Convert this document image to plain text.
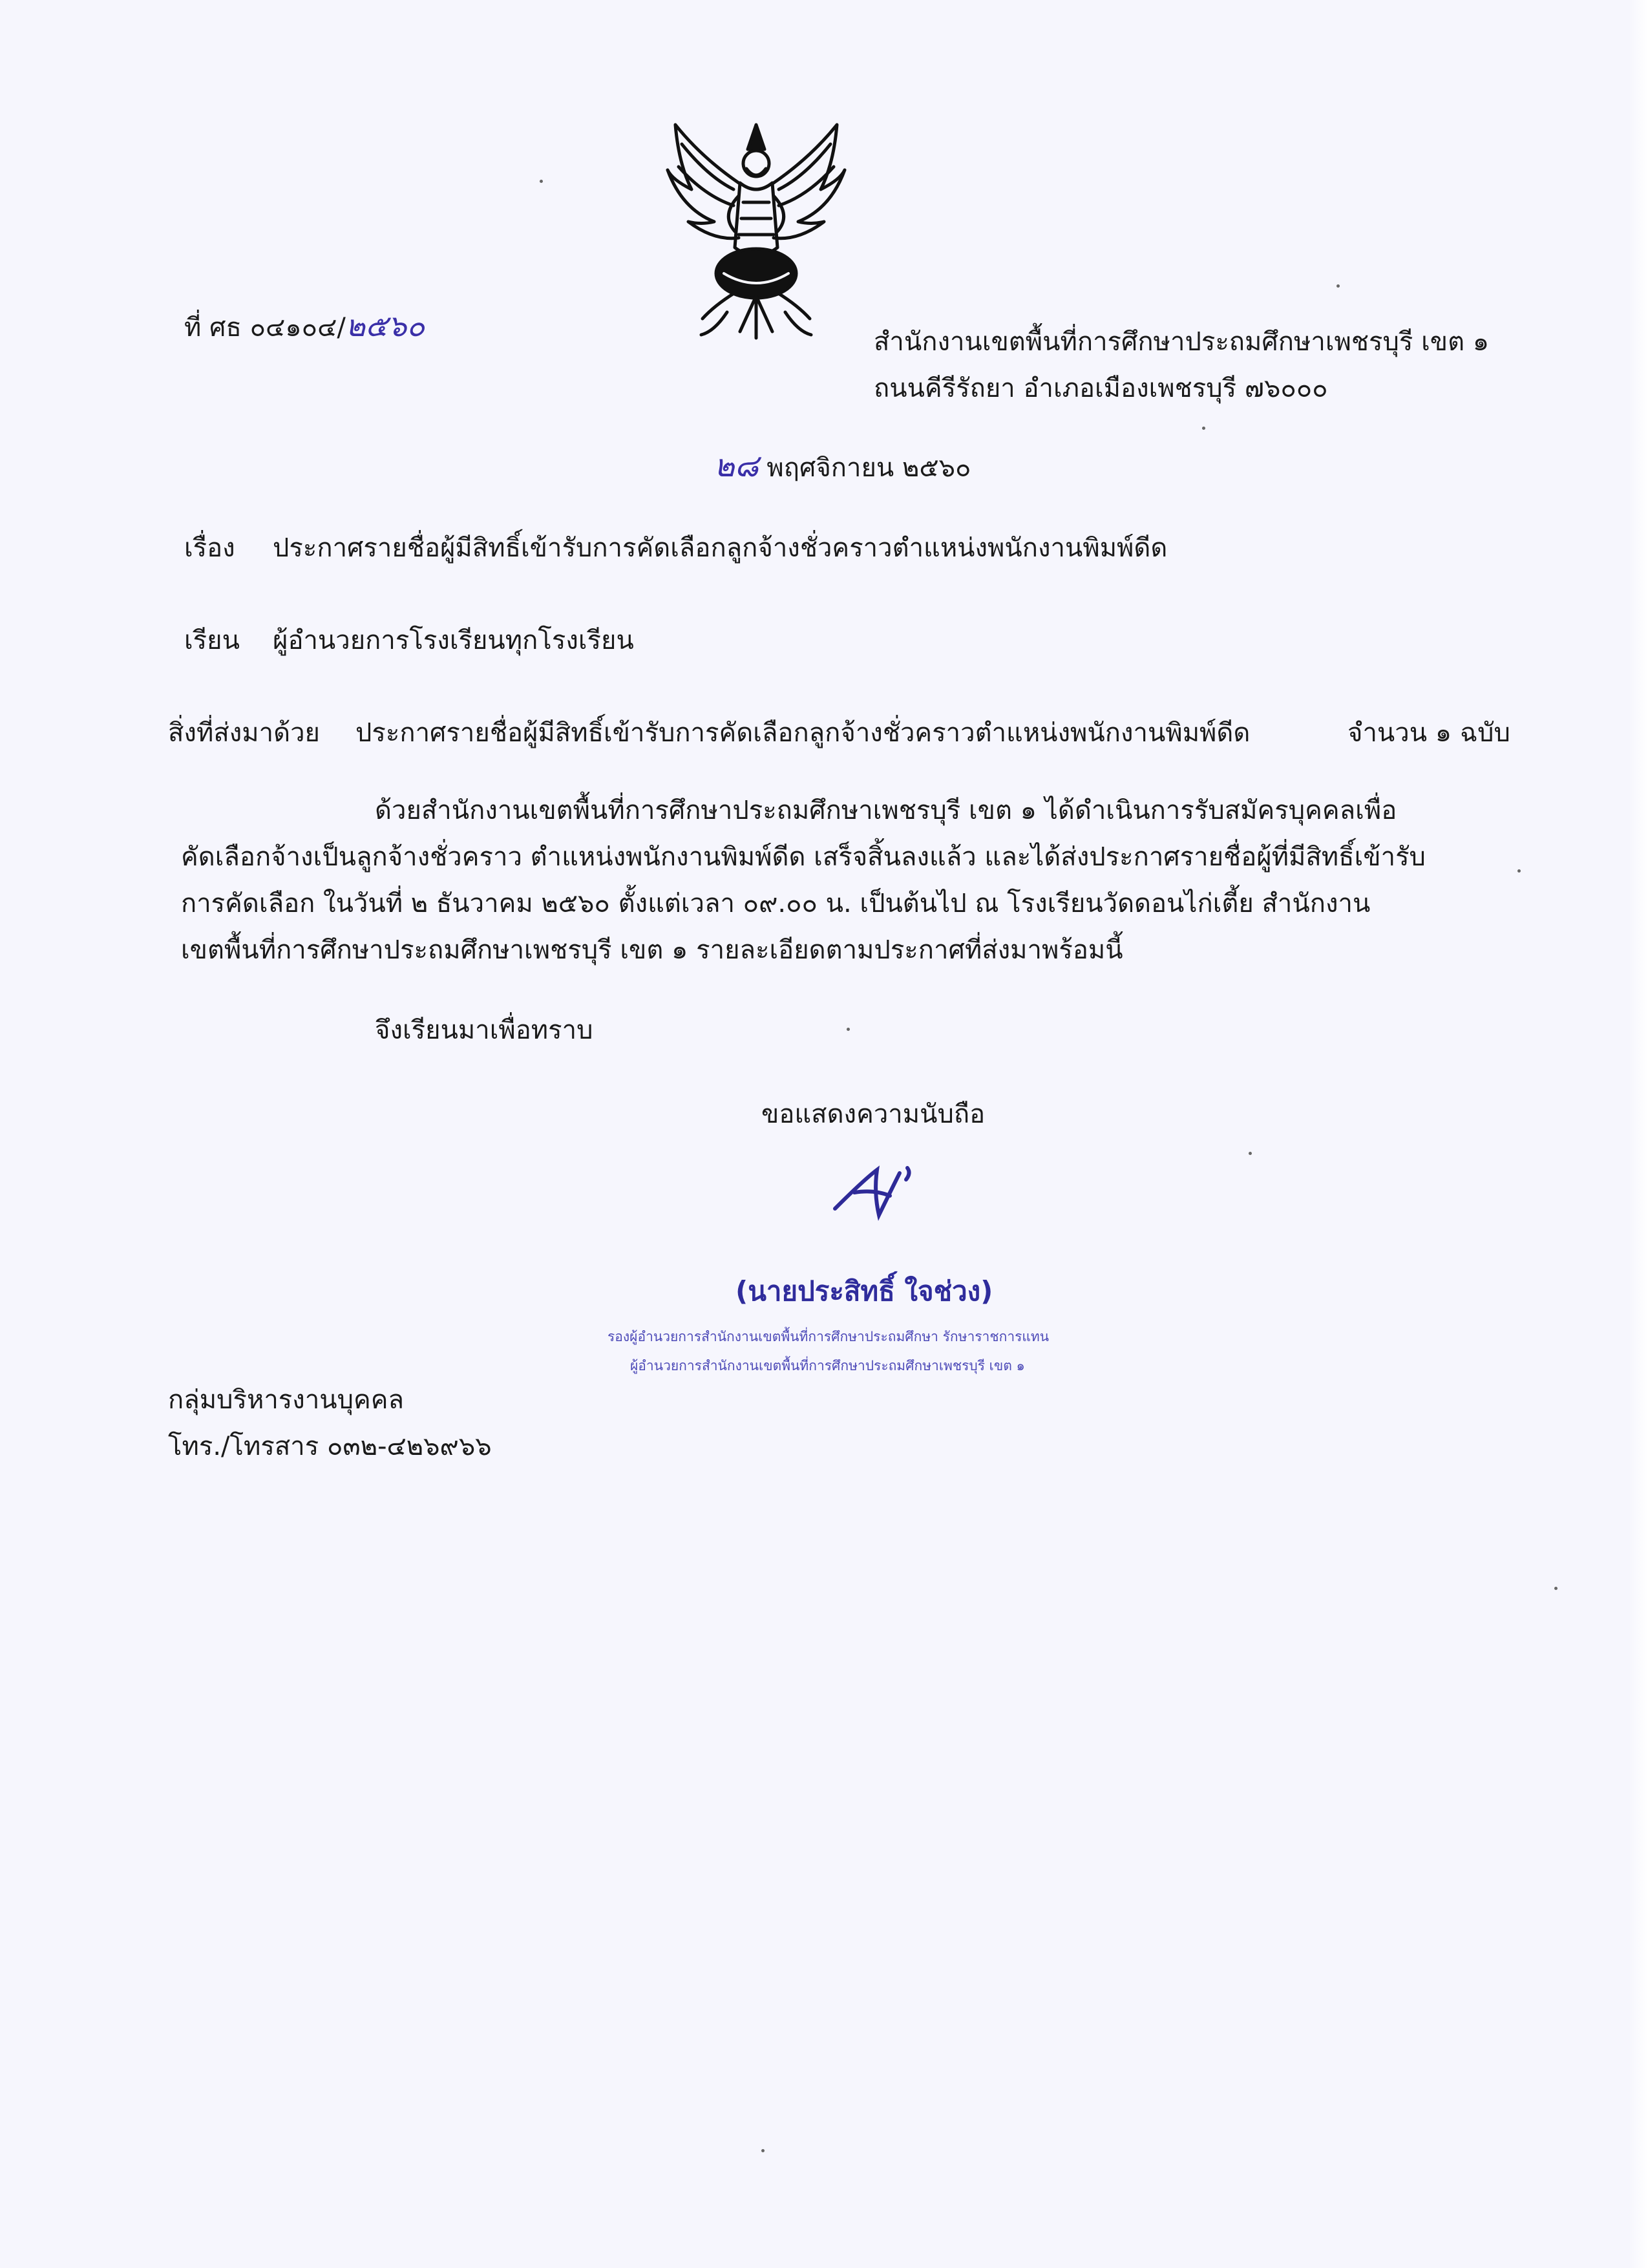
ที่ ศธ ๐๔๑๐๔/๒๕๖๐	สำนักงานเขตพื้นที่การศึกษาประถมศึกษาเพชรบุรี เขต ๑
ถนนคีรีรัถยา อำเภอเมืองเพชรบุรี ๗๖๐๐๐
๒๘ พฤศจิกายน ๒๕๖๐
เรื่อง ประกาศรายชื่อผู้มีสิทธิ์เข้ารับการคัดเลือกลูกจ้างชั่วคราวตำแหน่งพนักงานพิมพ์ดีด
เรียน ผู้อำนวยการโรงเรียนทุกโรงเรียน
สิ่งที่ส่งมาด้วย ประกาศรายชื่อผู้มีสิทธิ์เข้ารับการคัดเลือกลูกจ้างชั่วคราวตำแหน่งพนักงานพิมพ์ดีด	จำนวน ๑ ฉบับ
ด้วยสำนักงานเขตพื้นที่การศึกษาประถมศึกษาเพชรบุรี เขต ๑ ได้ดำเนินการรับสมัครบุคคลเพื่อ
คัดเลือกจ้างเป็นลูกจ้างชั่วคราว ตำแหน่งพนักงานพิมพ์ดีด เสร็จสิ้นลงแล้ว และได้ส่งประกาศรายชื่อผู้ที่มีสิทธิ์เข้ารับ
การคัดเลือก ในวันที่ ๒ ธันวาคม ๒๕๖๐ ตั้งแต่เวลา ๐๙.๐๐ น. เป็นต้นไป ณ โรงเรียนวัดดอนไก่เตี้ย สำนักงาน
เขตพื้นที่การศึกษาประถมศึกษาเพชรบุรี เขต ๑ รายละเอียดตามประกาศที่ส่งมาพร้อมนี้
จึงเรียนมาเพื่อทราบ
ขอแสดงความนับถือ
(นายประสิทธิ์ ใจช่วง)
รองผู้อำนวยการสำนักงานเขตพื้นที่การศึกษาประถมศึกษา รักษาราชการแทน
ผู้อำนวยการสำนักงานเขตพื้นที่การศึกษาประถมศึกษาเพชรบุรี เขต ๑
กลุ่มบริหารงานบุคคล
โทร./โทรสาร ๐๓๒-๔๒๖๙๖๖
